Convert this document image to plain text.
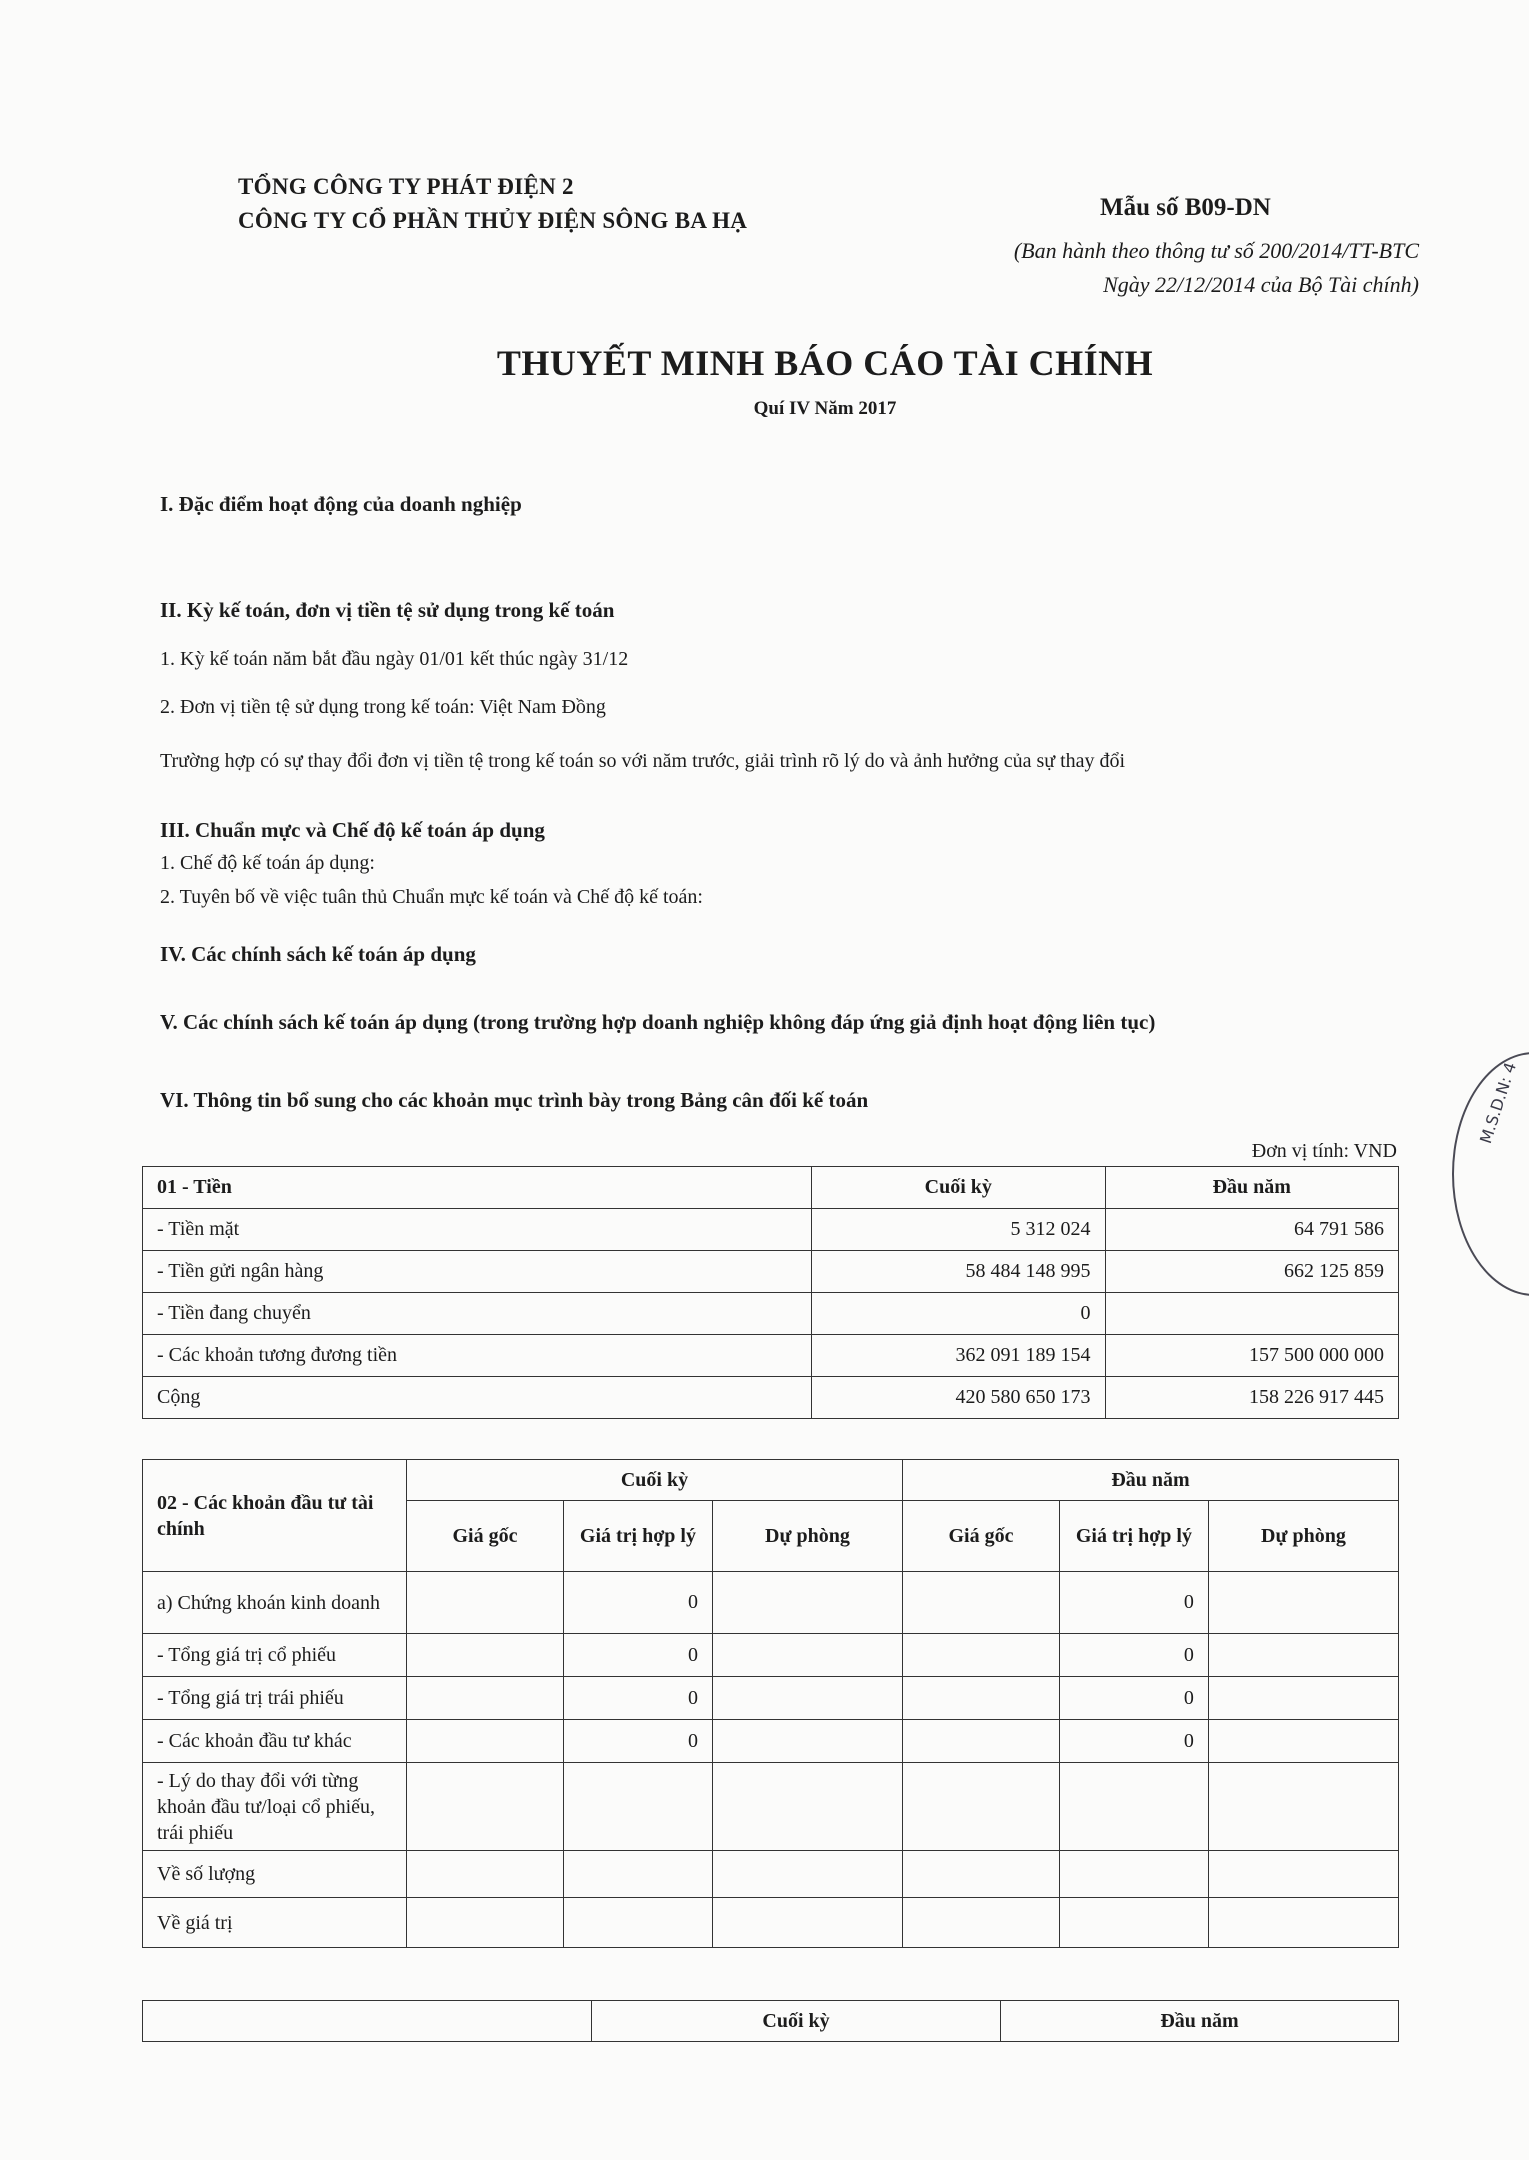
TỔNG CÔNG TY PHÁT ĐIỆN 2
CÔNG TY CỔ PHẦN THỦY ĐIỆN SÔNG BA HẠ	Mẫu số B09-DN
(Ban hành theo thông tư số 200/2014/TT-BTC
Ngày 22/12/2014 của Bộ Tài chính)
THUYẾT MINH BÁO CÁO TÀI CHÍNH
Quí IV Năm 2017
I. Đặc điểm hoạt động của doanh nghiệp
II. Kỳ kế toán, đơn vị tiền tệ sử dụng trong kế toán
1. Kỳ kế toán năm bắt đầu ngày 01/01 kết thúc ngày 31/12
2. Đơn vị tiền tệ sử dụng trong kế toán: Việt Nam Đồng
Trường hợp có sự thay đổi đơn vị tiền tệ trong kế toán so với năm trước, giải trình rõ lý do và ảnh hưởng của sự thay đổi
III. Chuẩn mực và Chế độ kế toán áp dụng
1. Chế độ kế toán áp dụng:
2. Tuyên bố về việc tuân thủ Chuẩn mực kế toán và Chế độ kế toán:
IV. Các chính sách kế toán áp dụng
V. Các chính sách kế toán áp dụng (trong trường hợp doanh nghiệp không đáp ứng giả định hoạt động liên tục)
VI. Thông tin bổ sung cho các khoản mục trình bày trong Bảng cân đối kế toán
Đơn vị tính: VND
01 - Tiền	Cuối kỳ	Đầu năm
- Tiền mặt	5 312 024	64 791 586
- Tiền gửi ngân hàng	58 484 148 995	662 125 859
- Tiền đang chuyển	0	
- Các khoản tương đương tiền	362 091 189 154	157 500 000 000
Cộng	420 580 650 173	158 226 917 445
02 - Các khoản đầu tư tài chính	Cuối kỳ			Đầu năm		
	Giá gốc	Giá trị hợp lý	Dự phòng	Giá gốc	Giá trị hợp lý	Dự phòng
a) Chứng khoán kinh doanh		0			0	
- Tổng giá trị cổ phiếu		0			0	
- Tổng giá trị trái phiếu		0			0	
- Các khoản đầu tư khác		0			0	
- Lý do thay đổi với từng khoản đầu tư/loại cổ phiếu, trái phiếu						
Về số lượng						
Về giá trị						
	Cuối kỳ	Đầu năm
M.S.D.N: 4
